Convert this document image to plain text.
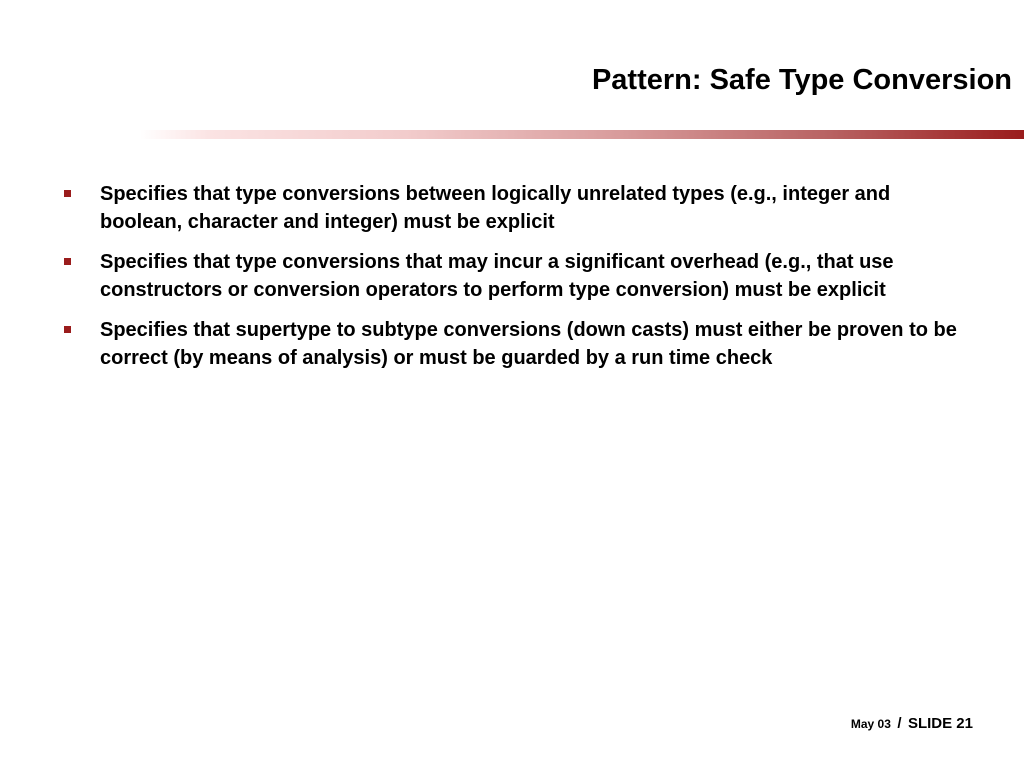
Pattern: Safe Type Conversion
Specifies that type conversions between logically unrelated types (e.g., integer and boolean, character and integer) must be explicit
Specifies that type conversions that may incur a significant overhead (e.g., that use constructors or conversion operators to perform type conversion) must be explicit
Specifies that supertype to subtype conversions (down casts) must either be proven to be correct (by means of analysis) or must be guarded by a run time check
May 03 / SLIDE 21
